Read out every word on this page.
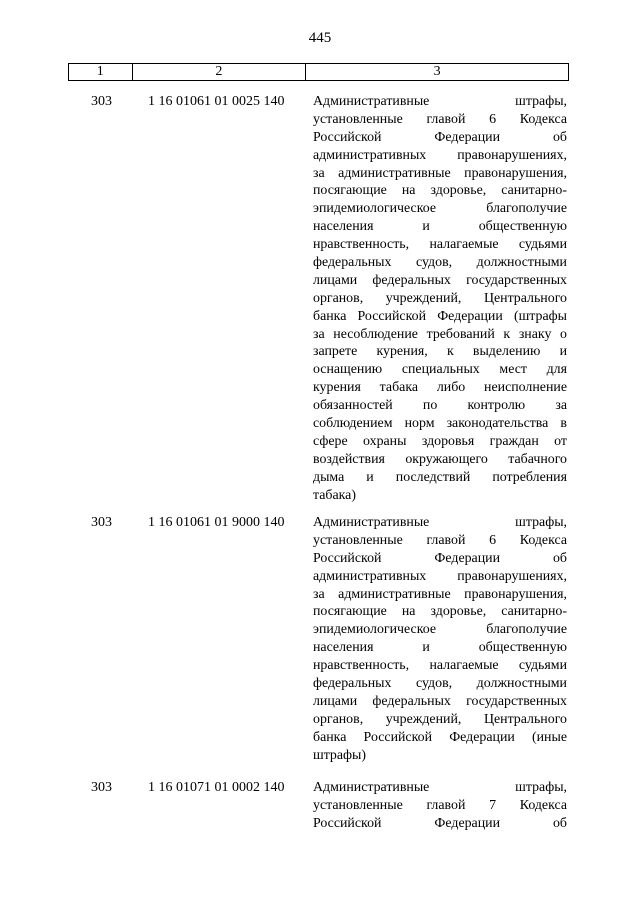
445
1	2	3
303	1 16 01061 01 0025 140 Административные штрафы,
установленные главой 6 Кодекса
Российской Федерации об
административных правонарушениях,
за административные правонарушения,
посягающие на здоровье, санитарно-
эпидемиологическое благополучие
населения и общественную
нравственность, налагаемые судьями
федеральных судов, должностными
лицами федеральных государственных
органов, учреждений, Центрального
банка Российской Федерации (штрафы
за несоблюдение требований к знаку о
запрете курения, к выделению и
оснащению специальных мест для
курения табака либо неисполнение
обязанностей по контролю за
соблюдением норм законодательства в
сфере охраны здоровья граждан от
воздействия окружающего табачного
дыма и последствий потребления
табака)
303	1 16 01061 01 9000 140 Административные штрафы,
установленные главой 6 Кодекса
Российской Федерации об
административных правонарушениях,
за административные правонарушения,
посягающие на здоровье, санитарно-
эпидемиологическое благополучие
населения и общественную
нравственность, налагаемые судьями
федеральных судов, должностными
лицами федеральных государственных
органов, учреждений, Центрального
банка Российской Федерации (иные
штрафы)
303	1 16 01071 01 0002 140 Административные штрафы,
установленные главой 7 Кодекса
Российской Федерации об
